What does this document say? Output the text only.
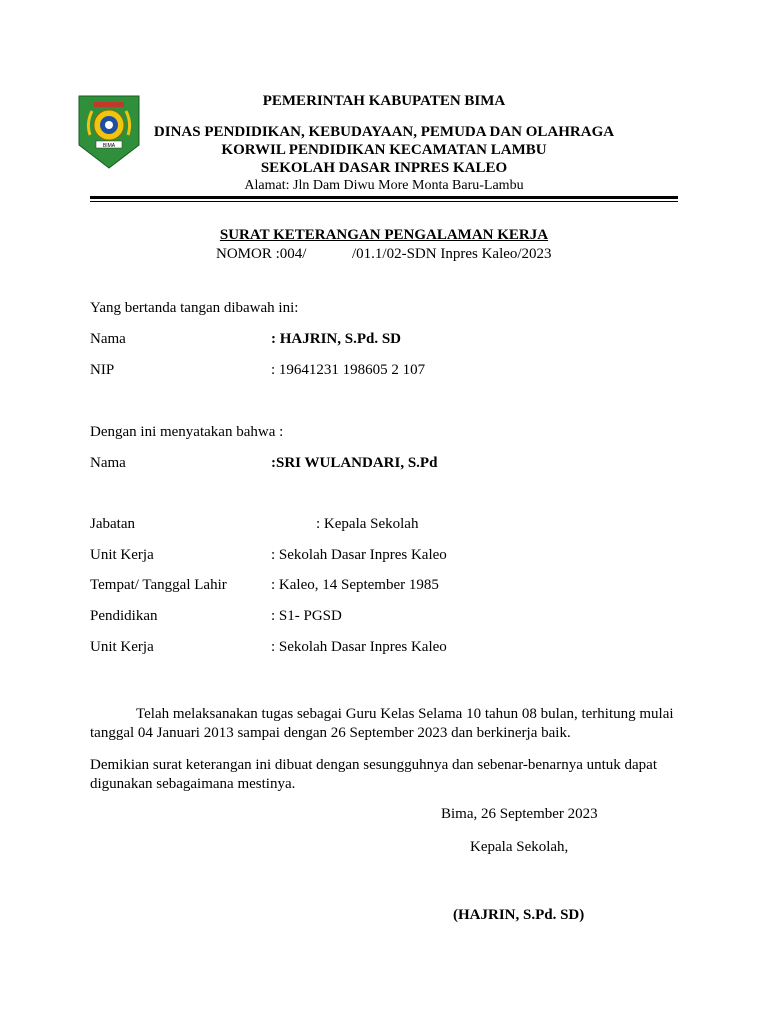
BIMA
PEMERINTAH KABUPATEN BIMA
DINAS PENDIDIKAN, KEBUDAYAAN, PEMUDA DAN OLAHRAGA
KORWIL PENDIDIKAN KECAMATAN LAMBU
SEKOLAH DASAR INPRES KALEO
Alamat: Jln Dam Diwu More Monta Baru-Lambu
SURAT KETERANGAN PENGALAMAN KERJA
NOMOR :004/	/01.1/02-SDN Inpres Kaleo/2023
Yang bertanda tangan dibawah ini:
Nama	: HAJRIN, S.Pd. SD
NIP	: 19641231 198605 2 107
Dengan ini menyatakan bahwa :
Nama	:SRI WULANDARI, S.Pd
Jabatan	: Kepala Sekolah
Unit Kerja	: Sekolah Dasar Inpres Kaleo
Tempat/ Tanggal Lahir	: Kaleo, 14 September 1985
Pendidikan	: S1- PGSD
Unit Kerja	: Sekolah Dasar Inpres Kaleo
Telah melaksanakan tugas sebagai Guru Kelas Selama 10 tahun 08 bulan, terhitung mulai
tanggal 04 Januari 2013 sampai dengan 26 September 2023 dan berkinerja baik.
Demikian surat keterangan ini dibuat dengan sesungguhnya dan sebenar-benarnya untuk dapat
digunakan sebagaimana mestinya.
Bima, 26 September 2023
Kepala Sekolah,
(HAJRIN, S.Pd. SD)
